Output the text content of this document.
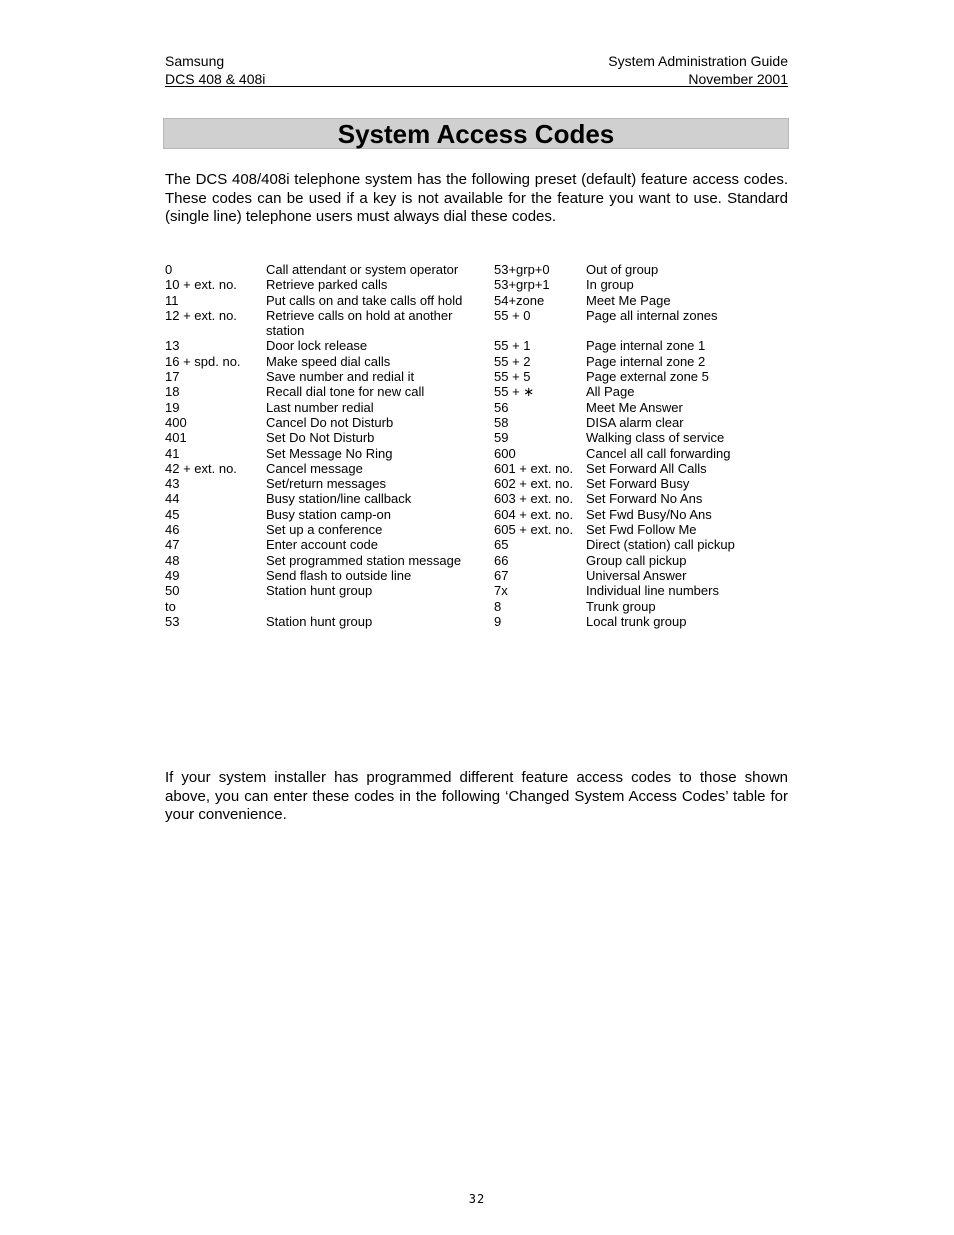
Samsung
DCS 408 & 408i
System Administration Guide
November 2001
System Access Codes

The DCS 408/408i telephone system has the following preset (default) feature access codes. These codes can be used if a key is not available for the feature you want to use. Standard (single line) telephone users must always dial these codes.

0	Call attendant or system operator	53+grp+0	Out of group
10 + ext. no.	Retrieve parked calls	53+grp+1	In group
11	Put calls on and take calls off hold	54+zone	Meet Me Page
12 + ext. no.	Retrieve calls on hold at another station	55 + 0	Page all internal zones
13	Door lock release	55 + 1	Page internal zone 1
16 + spd. no.	Make speed dial calls	55 + 2	Page internal zone 2
17	Save number and redial it	55 + 5	Page external zone 5
18	Recall dial tone for new call	55 + ∗	All Page
19	Last number redial	56	Meet Me Answer
400	Cancel Do not Disturb	58	DISA alarm clear
401	Set Do Not Disturb	59	Walking class of service
41	Set Message No Ring	600	Cancel all call forwarding
42 + ext. no.	Cancel message	601 + ext. no.	Set Forward All Calls
43	Set/return messages	602 + ext. no.	Set Forward Busy
44	Busy station/line callback	603 + ext. no.	Set Forward No Ans
45	Busy station camp-on	604 + ext. no.	Set Fwd Busy/No Ans
46	Set up a conference	605 + ext. no.	Set Fwd Follow Me
47	Enter account code	65	Direct (station) call pickup
48	Set programmed station message	66	Group call pickup
49	Send flash to outside line	67	Universal Answer
50	Station hunt group	7x	Individual line numbers
to		8	Trunk group
53	Station hunt group	9	Local trunk group

If your system installer has programmed different feature access codes to those shown above, you can enter these codes in the following ‘Changed System Access Codes’ table for your convenience.

32
